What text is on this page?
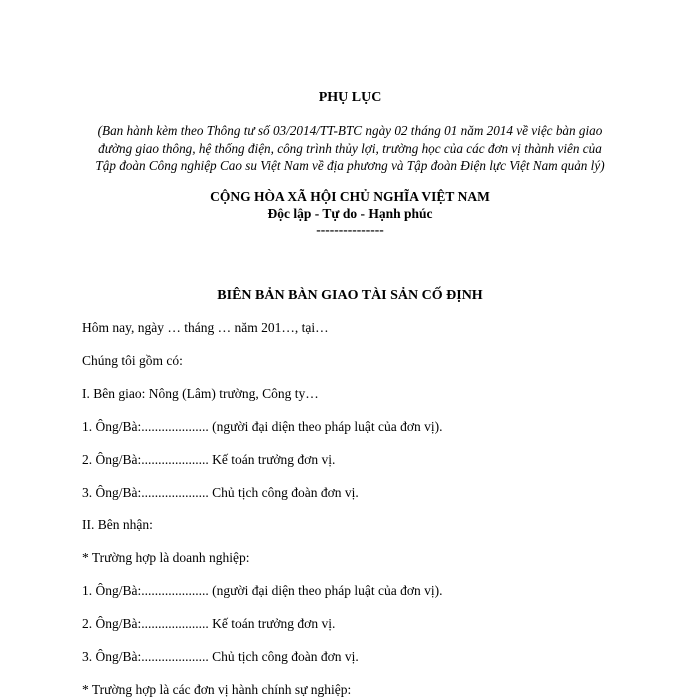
PHỤ LỤC
(Ban hành kèm theo Thông tư số 03/2014/TT-BTC ngày 02 tháng 01 năm 2014 về việc bàn giao
đường giao thông, hệ thống điện, công trình thủy lợi, trường học của các đơn vị thành viên của
Tập đoàn Công nghiệp Cao su Việt Nam về địa phương và Tập đoàn Điện lực Việt Nam quản lý)
CỘNG HÒA XÃ HỘI CHỦ NGHĨA VIỆT NAM
Độc lập - Tự do - Hạnh phúc
---------------
BIÊN BẢN BÀN GIAO TÀI SẢN CỐ ĐỊNH
Hôm nay, ngày … tháng … năm 201…, tại…
Chúng tôi gồm có:
I. Bên giao: Nông (Lâm) trường, Công ty…
1. Ông/Bà:.................... (người đại diện theo pháp luật của đơn vị).
2. Ông/Bà:.................... Kế toán trưởng đơn vị.
3. Ông/Bà:.................... Chủ tịch công đoàn đơn vị.
II. Bên nhận:
* Trường hợp là doanh nghiệp:
1. Ông/Bà:.................... (người đại diện theo pháp luật của đơn vị).
2. Ông/Bà:.................... Kế toán trưởng đơn vị.
3. Ông/Bà:.................... Chủ tịch công đoàn đơn vị.
* Trường hợp là các đơn vị hành chính sự nghiệp:
